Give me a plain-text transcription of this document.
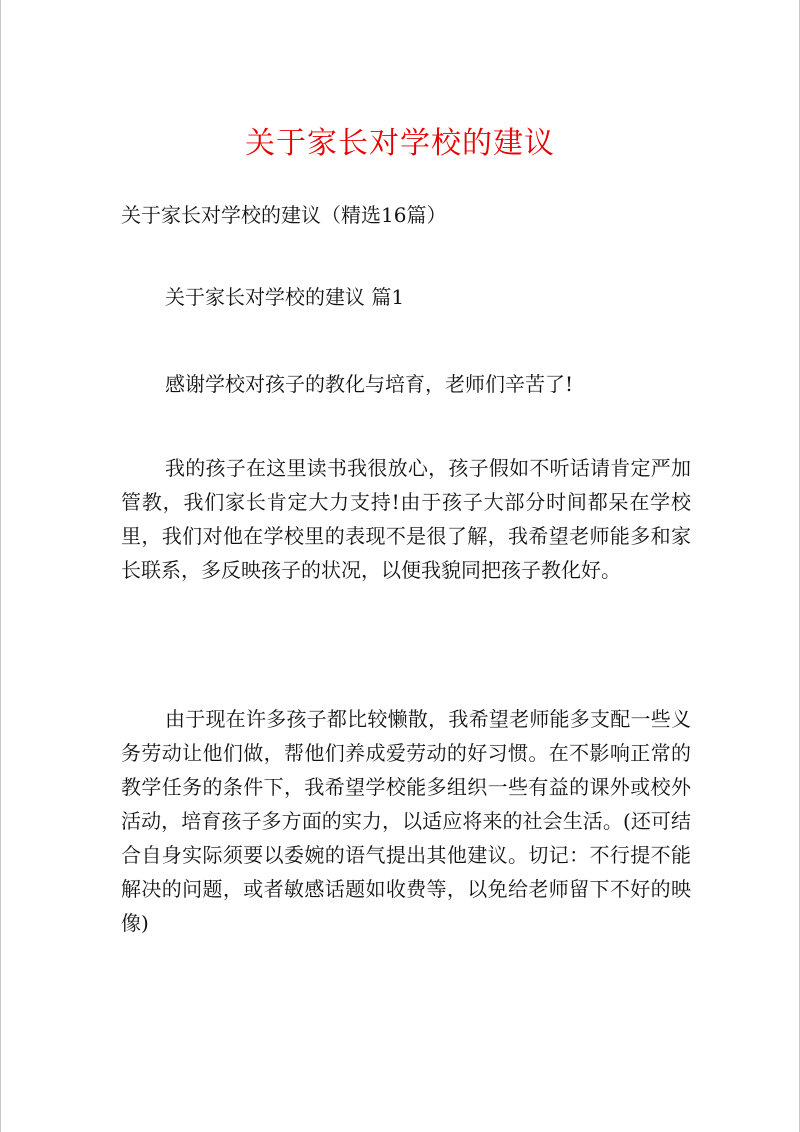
关于家长对学校的建议
关于家长对学校的建议（精选16篇）
关于家长对学校的建议 篇1

感谢学校对孩子的教化与培育，老师们辛苦了!

我的孩子在这里读书我很放心，孩子假如不听话请肯定严加管教，我们家长肯定大力支持!由于孩子大部分时间都呆在学校里，我们对他在学校里的表现不是很了解，我希望老师能多和家长联系，多反映孩子的状况，以便我貌同把孩子教化好。

由于现在许多孩子都比较懒散，我希望老师能多支配一些义务劳动让他们做，帮他们养成爱劳动的好习惯。在不影响正常的教学任务的条件下，我希望学校能多组织一些有益的课外或校外活动，培育孩子多方面的实力，以适应将来的社会生活。(还可结合自身实际须要以委婉的语气提出其他建议。切记：不行提不能解决的问题，或者敏感话题如收费等，以免给老师留下不好的映像)
